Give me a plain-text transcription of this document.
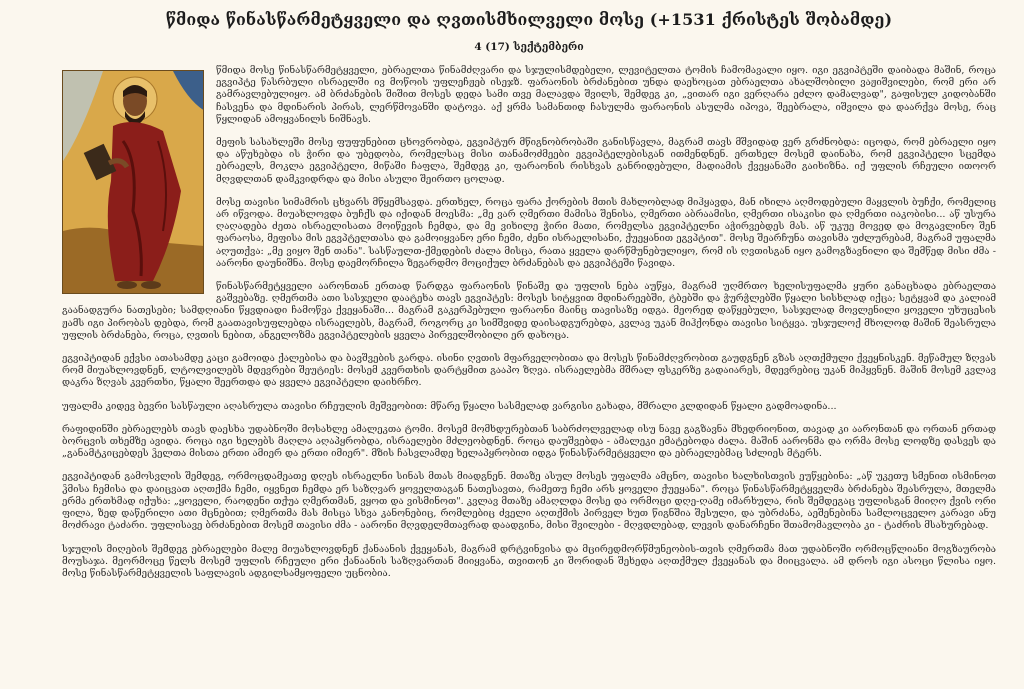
წმიდა წინასწარმეტყველი და ღვთისმხილველი მოსე (+1531 ქრისტეს შობამდე)
4 (17) სექტემბერი

წმიდა მოსე წინასწარმეტყველი, ებრაელთა წინამძღვარი და სჯულისმდებელი, ლევიტელთა ტომის ჩამომავალი იყო. იგი ეგვიპტეში დაიბადა მაშინ, როცა ეგვიპტე წასრბული ისრაელში ივ მოწოის უფლეჩჟებ ისეჯზ. ფარაონის ბრძანებით უნდა დაეხოცათ ებრაელთა ახალშობილი ვაჟიშვილები, რომ ერი არ გამრავლებულიყო. ამ ბრძანების შიშით მოსეს დედა სამი თვე მალავდა შვილს, შემდეგ კი, „ვითარ იგი ვერღარა ეძლო დამალვად", გაფისულ კიდობანში ჩასვენა და მდინარის პირას, ლერწმოვანში დატოვა. აქ ყრმა სამანთიდ ჩასულმა ფარაონის ასულმა იპოვა, შეებრალა, იშვილა და დაარქვა მოსე, რაც წყლიდან ამოყვანილს ნიშნავს.

მეფის სასახლეში მოსე ფუფუნებით ცხოვრობდა, ეგვიპტურ მწიგნობრობაში განისწავლა, მაგრამ თავს მშვიდად ვერ გრძნობდა: იცოდა, რომ ებრაელი იყო და აწუხებდა ის ჭირი და უბედობა, რომელსაც მისი თანამოძმეები ეგვიპტელებისგან ითმენდნენ. ერთხელ მოსემ დაინახა, რომ ეგვიპტელი სცემდა ებრაელს, მოკლა ეგვიპტელი, მიწაში ჩაფლა, შემდეგ კი, ფარაონის რისხვას განრიდებული, მადიამის ქვეყანაში გაიხიზნა. იქ უფლის რჩეული ითოორ მღვდლთან დამკვიდრდა და მისი ასული შეირთო ცოლად.

მოსე თავისი სიმამრის ცხვარს მწყემსავდა. ერთხელ, როცა ფარა ქორების მთის მახლობლად მიჰყავდა, მან იხილა აღმოდებული მაყვლის ბუჩქი, რომელიც არ იწვოდა. მიუახლოვდა ბუჩქს და იქიდან მოესმა: „მე ვარ ღმერთი მამისა შენისა, ღმერთი აბრაამისი, ღმერთი ისაკისი და ღმერთი იაკობისი... აწ უსურა ღაღადება ძეთა ისრაელისათა მოიწევის ჩემდა, და მე ვიხილე ჭირი მათი, რომელსა ეგვიპტელნი აჭირვებდეს მას. აწ უკუე მოვედ და მოგავლინო შენ ფარაოსა, მეფისა მის ეგვპტელთასა და გამოიყვანო ერი ჩემი, ძენი ისრაელისანი, ქუეყანით ეგვპტით". მოსე შეარჩუნა თავისმა უძლურებამ, მაგრამ უფალმა აღუთქვა: „მე ვიყო შენ თანა". სასწაულთ-ქმედების ძალა მისცა, რათა ყველა დარწმუნებულიყო, რომ ის ღვთისგან იყო გამოგზავნილი და შემწედ მისი ძმა - აარონი დაუნიშნა. მოსე დაემორჩილა ზეგარდმო მოციქულ ბრძანებას და ეგვიპტეში წავიდა.

წინასწარმეტყველი აარონთან ერთად წარდგა ფარაონის წინაშე და უფლის ნება აუწყა, მაგრამ უღმრთო ხელისუფალმა ყური განაცხადა ებრაელთა გაშვებაზე. ღმერთმა ათი სასჯელი დაატეხა თავს ეგვიპტეს: მოსეს სიტყვით მდინარეებში, ტბებში და ჭურჭლებში წყალი სისხლად იქცა; სეტყვამ და კალიამ გაანადგურა ნათესები; სამდღიანი წყვდიადი ჩამოწვა ქვეყანაში... მაგრამ გაკერპებული ფარაონი მაინც თავისაზე იდგა. მეორედ დაწყებული, სასჯელად მოვლენილი ყოველი უხუცესის ჟამს იგი პირობას დებდა, რომ გაათავისუფლებდა ისრაელებს, მაგრამ, როგორც კი სიმშვიდე დაისადგურებდა, კვლავ უკან მიჰქონდა თავისი სიტყვა. უსჯულოქ მხოლოდ მაშინ შეასრულა უფლის ბრძანება, როცა, ღვთის ნებით, ანგელოზმა ეგვიპტელების ყველა პირველშობილი ერ დახოცა.

ეგვიპტიდან ექვსი ათასამდე კაცი გამოიდა ქალებისა და ბავშვების გარდა. ისინი ღვთის მფარველობითა და მოსეს წინამძღვრობით გაუდგნენ გზას აღთქმული ქვეყნისკენ. მეწამულ ზღვას რომ მიუახლოვდნენ, ლტოლვილებს მდევრები შეუტიეს: მოსემ კვერთხის დარტყმით გააპო ზღვა. ისრაელებმა მშრალ ფსკერზე გადაიარეს, მდევრებიც უკან მიჰყვნენ. მაშინ მოსემ კვლავ დაკრა ზღვას კვერთხი, წყალი შეერთდა და ყველა ეგვიპტელი დაიხრჩო.

უფალმა კიდევ ბევრი სასწაული აღასრულა თავისი რჩეულის მეშვეობით: მწარე წყალი სასმელად ვარგისი გახადა, მშრალი კლდიდან წყალი გადმოადინა...

რაფიდინში ებრაელებს თავს დაესხა უდაბნოში მოსახლე ამალეკთა ტომი. მოსემ მომხდურებთან საბრძოლველად ისუ ნავე გაგზავნა მხედრიონით, თავად კი აარონთან და ორთან ერთად ბორცვის თხემზე ავიდა. როცა იგი ხელებს მაღლა აღაპყრობდა, ისრაელები მძლეობდნენ. როცა დაუშვებდა - ამალეკი ემატებოდა ძალა. მაშინ აარონმა და ორმა მოსე ლოდზე დასვეს და „განამტკიცებდეს ჴელთა მისთა ერთი ამიერ და ერთი იმიერ". მზის ჩასვლამდე ხელაპყრობით იდგა წინასწარმეტყველი და ებრაელებმაც სძლიეს მტერს.

ეგვიპტიდან გამოსვლის შემდეგ, ორმოცდამეათე დღეს ისრაელნი სინას მთას მიადგნენ. მთაზე ასულ მოსეს უფალმა ამცნო, თავისი ხალხისთვის ეუწყებინა: „აწ უკეთუ სმენით ისმინოთ ჴმისა ჩემისა და დაიცვათ აღთქმა ჩემი, იყვნეთ ჩემდა ერ საზღვარ ყოველთაგან ნათესავთა, რამეთუ ჩემი არს ყოველი ქუეყანა". როცა წინასწარმეტყველმა ბრძანება შეასრულა, მთელმა ერმა ერთხმად იქუხა: „ყოველი, რაოდენი თქუა ღმერთმან, ვყოთ და ვისმინოთ". კვლავ მთაზე ამაღლდა მოსე და ორმოცი დღე-ღამე იმარხულა, რის შემდეგაც უფლისგან მიიღო ქვის ორი ფილა, ზედ დაწერილი ათი მცნებით; ღმერთმა მას მისცა სხვა კანონებიც, რომლებიც ძველი აღთქმის პირველ ხუთ წიგნშია შესული, და უბრძანა, აეშენებინა სამლოცველო კარავი ანუ მოძრავი ტაძარი. უფლისავე ბრძანებით მოსემ თავისი ძმა - აარონი მღვდელმთავრად დაადგინა, მისი შვილები - მღვდლებად, ლევის დანარჩენი შთამომავლობა კი - ტაძრის მსახურებად.

სჯულის მიღების შემდეგ ებრაელები მალე მიუახლოვდნენ ქანაანის ქვეყანას, მაგრამ დრტვინვისა და მცირედმორწმუნეობის-თვის ღმერთმა მათ უდაბნოში ორმოცწლიანი მოგზაურობა მოუსაჯა. მეორმოცე წელს მოსემ უფლის რჩეული ერი ქანაანის საზღვართან მიიყვანა, თვითონ კი შორიდან შეხედა აღთქმულ ქვეყანას და მიიცვალა. ამ დროს იგი ასოცი წლისა იყო. მოსე წინასწარმეტყველის საფლავის ადგილსამყოფელი უცნობია.
